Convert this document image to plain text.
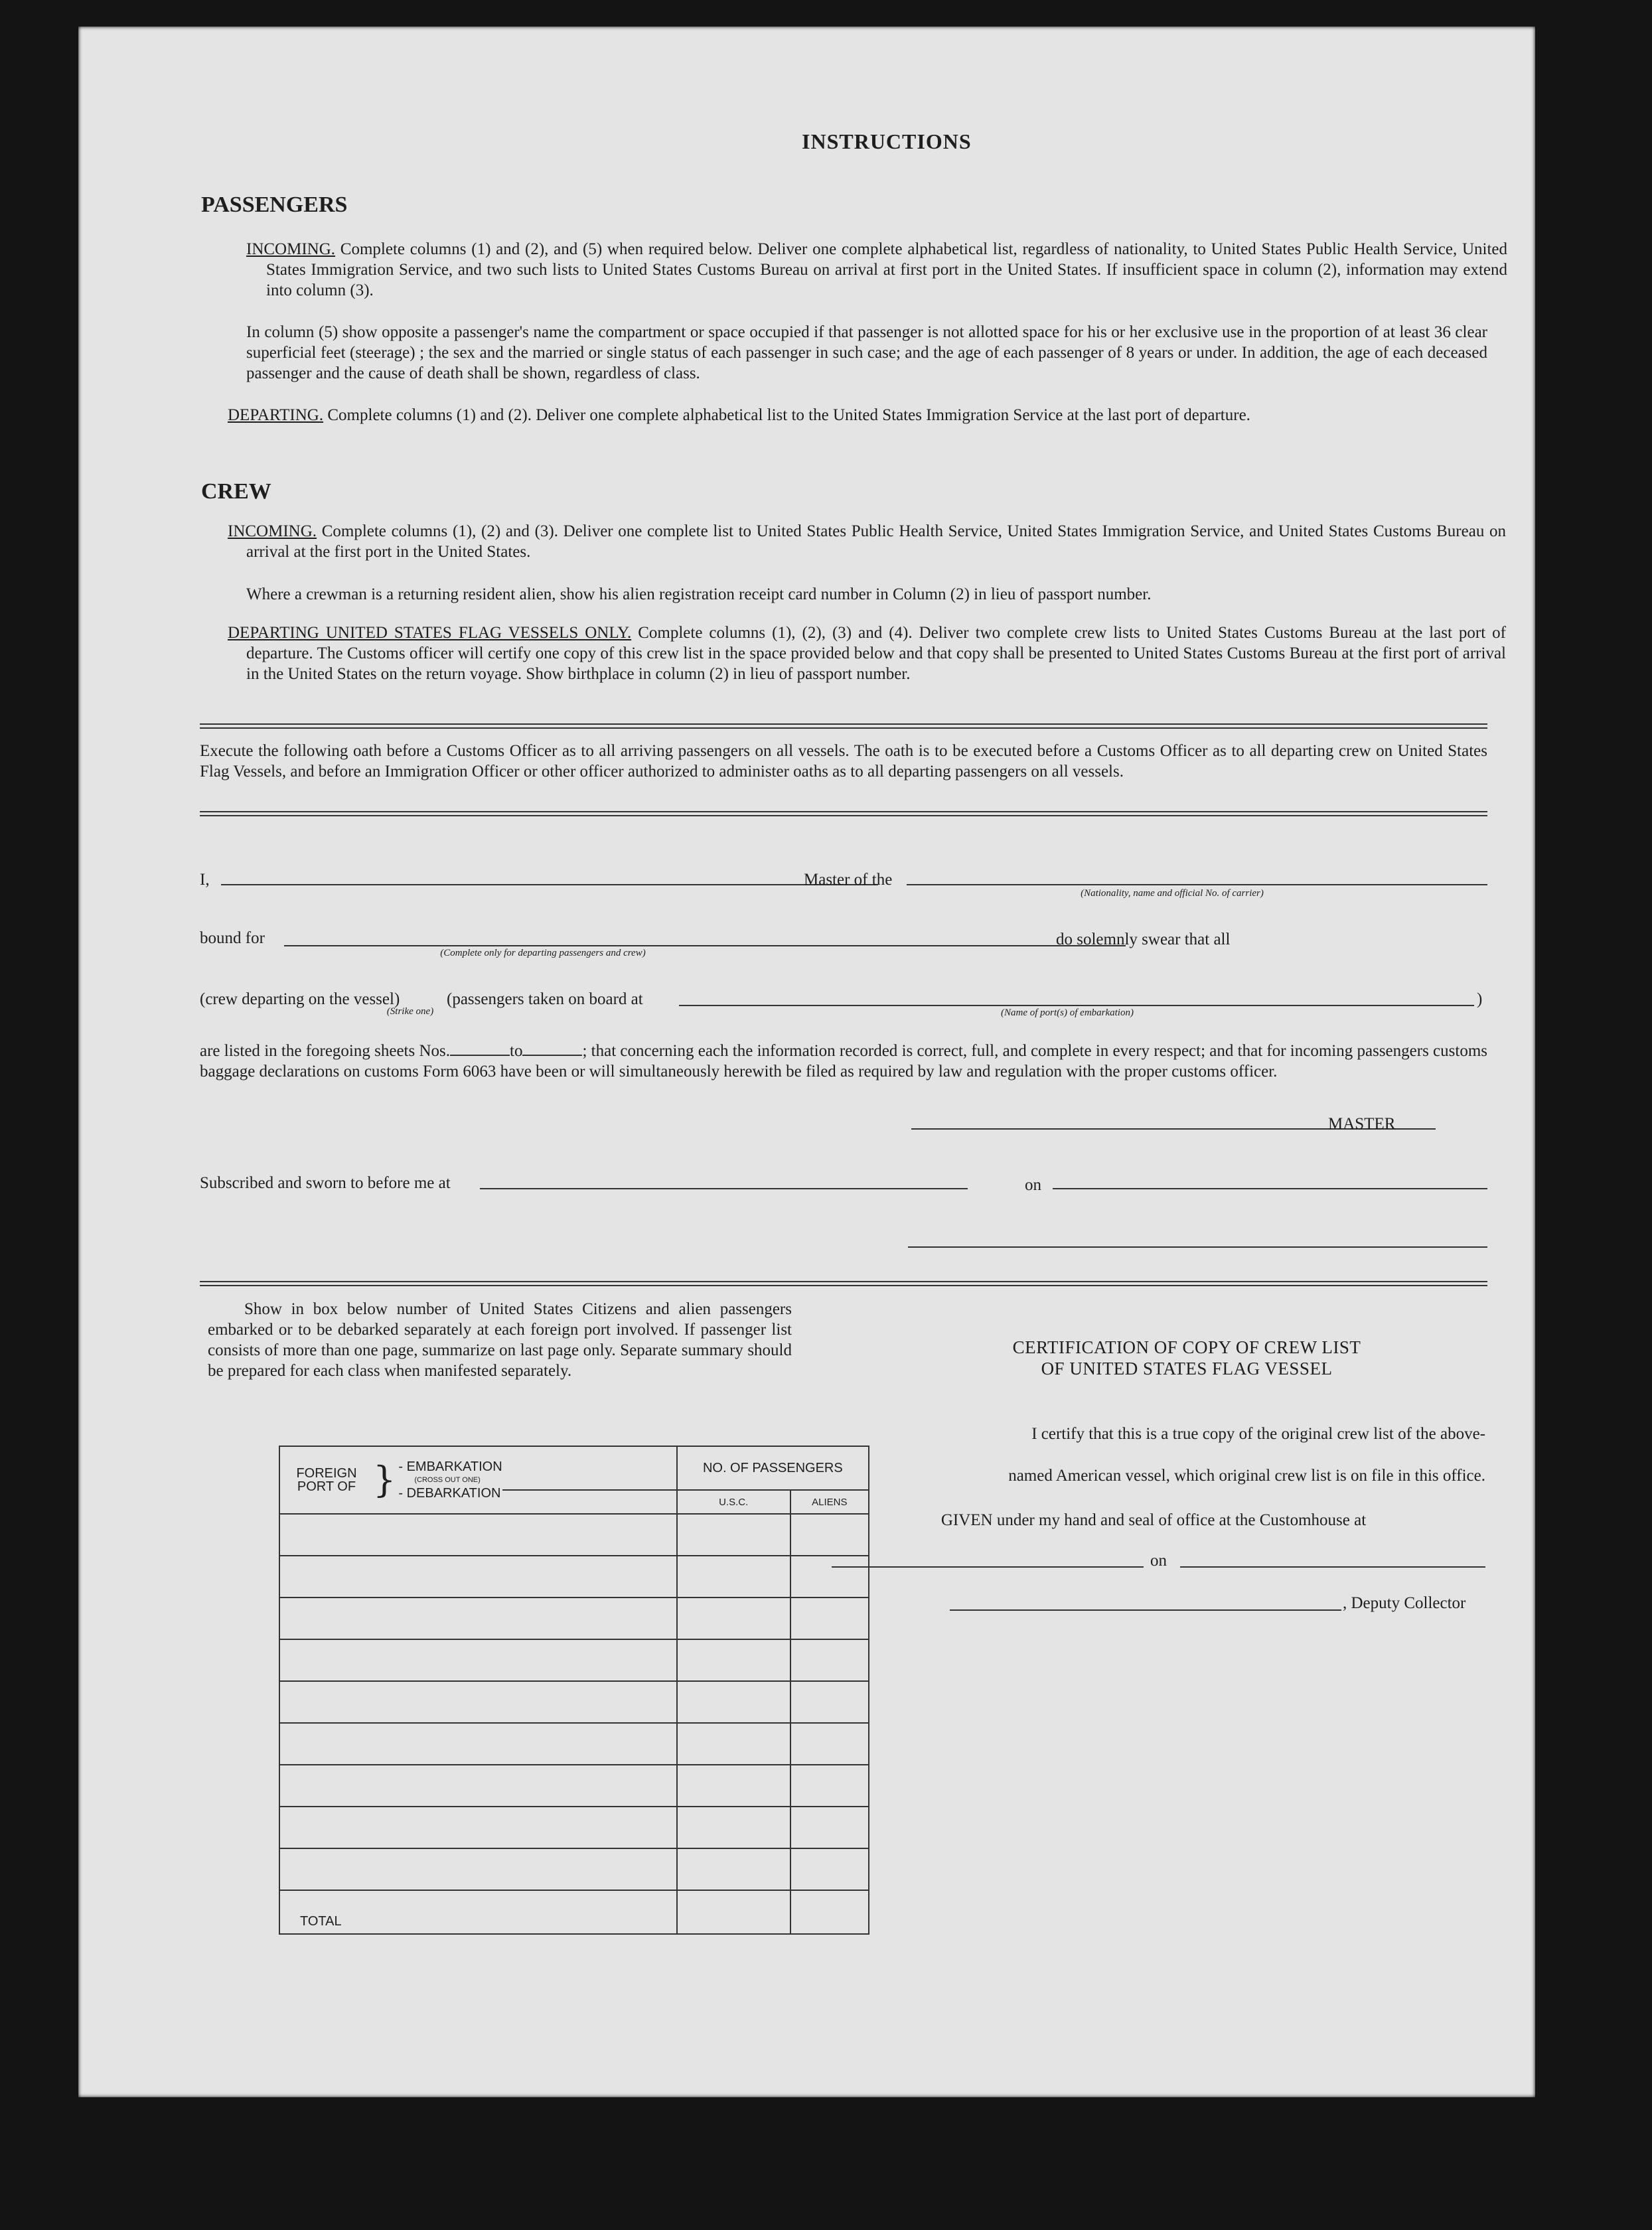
INSTRUCTIONS
PASSENGERS
INCOMING. Complete columns (1) and (2), and (5) when required below. Deliver one complete alphabetical list, regardless of nationality, to United States Public Health Service, United States Immigration Service, and two such lists to United States Customs Bureau on arrival at first port in the United States. If insufficient space in column (2), information may extend into column (3).
In column (5) show opposite a passenger's name the compartment or space occupied if that passenger is not allotted space for his or her exclusive use in the proportion of at least 36 clear superficial feet (steerage) ; the sex and the married or single status of each passenger in such case; and the age of each passenger of 8 years or under. In addition, the age of each deceased passenger and the cause of death shall be shown, regardless of class.
DEPARTING. Complete columns (1) and (2). Deliver one complete alphabetical list to the United States Immigration Service at the last port of departure.
CREW
INCOMING. Complete columns (1), (2) and (3). Deliver one complete list to United States Public Health Service, United States Immigration Service, and United States Customs Bureau on arrival at the first port in the United States.
Where a crewman is a returning resident alien, show his alien registration receipt card number in Column (2) in lieu of passport number.
DEPARTING UNITED STATES FLAG VESSELS ONLY. Complete columns (1), (2), (3) and (4). Deliver two complete crew lists to United States Customs Bureau at the last port of departure. The Customs officer will certify one copy of this crew list in the space provided below and that copy shall be presented to United States Customs Bureau at the first port of arrival in the United States on the return voyage. Show birthplace in column (2) in lieu of passport number.
Execute the following oath before a Customs Officer as to all arriving passengers on all vessels. The oath is to be executed before a Customs Officer as to all departing crew on United States Flag Vessels, and before an Immigration Officer or other officer authorized to administer oaths as to all departing passengers on all vessels.
I,	Master of the
(Nationality, name and official No. of carrier)
bound for
(Complete only for departing passengers and crew)
do solemnly swear that all
(crew departing on the vessel)	(passengers taken on board at	)
(Strike one)	(Name of port(s) of embarkation)
are listed in the foregoing sheets Nos.	to	; that concerning each the information recorded is correct, full, and complete in every respect; and that for incoming passengers customs baggage declarations on customs Form 6063 have been or will simultaneously herewith be filed as required by law and regulation with the proper customs officer.
MASTER
Subscribed and sworn to before me at	on
Show in box below number of United States Citizens and alien passengers embarked or to be debarked separately at each foreign port involved. If passenger list consists of more than one page, summarize on last page only. Separate summary should be prepared for each class when manifested separately.
FOREIGN PORT OF } - EMBARKATION
(CROSS OUT ONE)
- DEBARKATION		NO. OF PASSENGERS	
		U.S.C.	ALIENS

TOTAL			
CERTIFICATION OF COPY OF CREW LIST
OF UNITED STATES FLAG VESSEL
I certify that this is a true copy of the original crew list of the above-
named American vessel, which original crew list is on file in this office.
GIVEN under my hand and seal of office at the Customhouse at
on
, Deputy Collector
